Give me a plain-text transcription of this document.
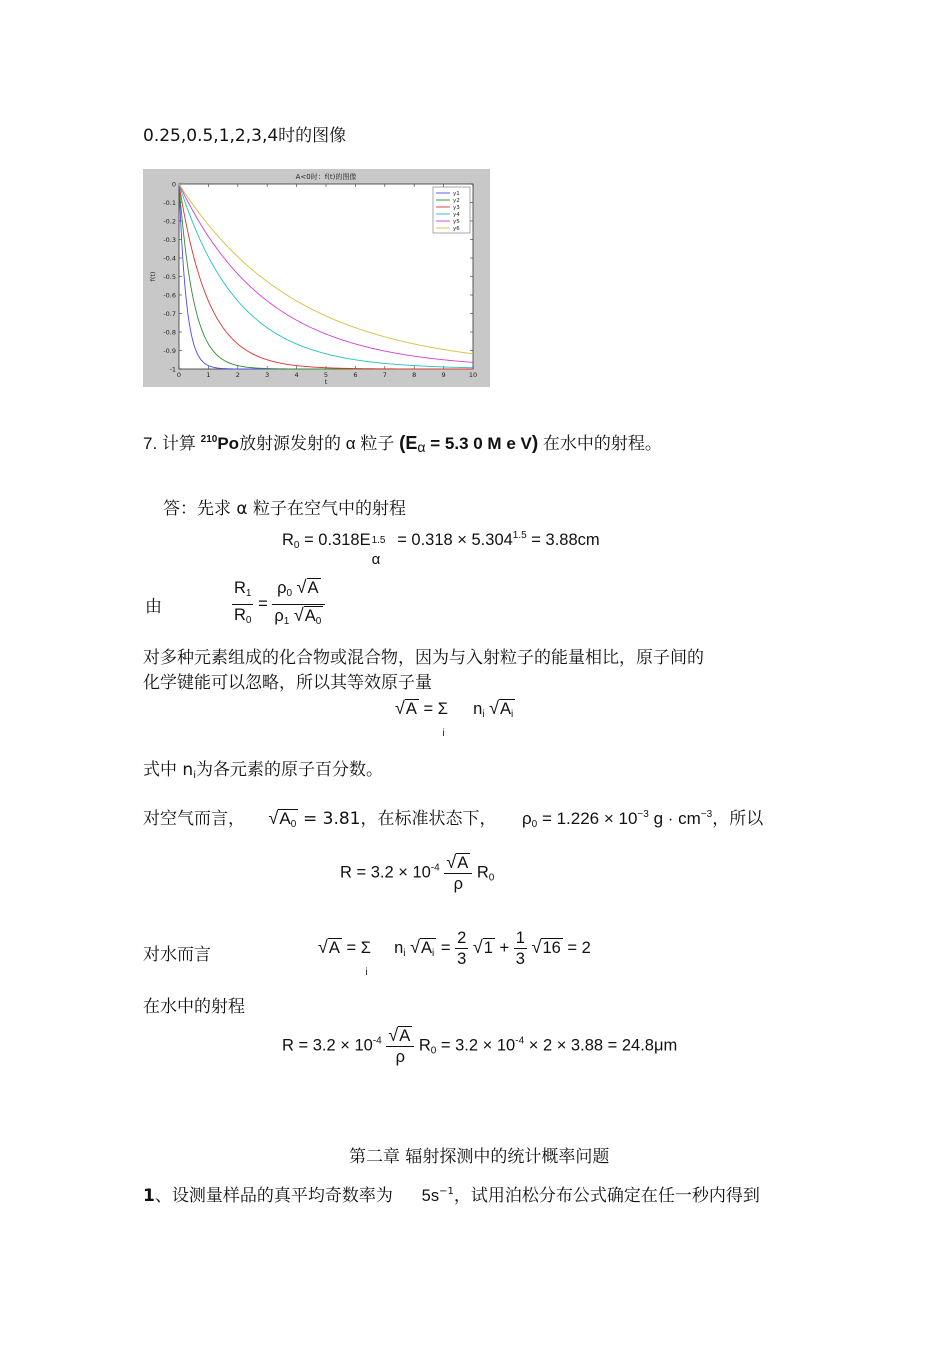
0.25,0.5,1,2,3,4时的图像
A<0时：f(t)的图像
0	1	2	3	4	5	6	7	8	9	10
0
-0.1
-0.2
-0.3
-0.4
-0.5
-0.6
-0.7
-0.8
-0.9
-1
t
f(t)
y1
y2
y3
y4
y5
y6
7. 计算 $^{210}$Po放射源发射的 α 粒子 ($E_\alpha = 5.3$ 0 M e V) 在水中的射程。
答：先求 α 粒子在空气中的射程
$R_0 = 0.318E$ 1.5
α
= $0.318 \times 5.304^{1.5} = 3.88cm$
由	$\frac{R_1}{R_0} = \frac{\rho_0 √A}{\rho_1 √A_0}$
对多种元素组成的化合物或混合物，因为与入射粒子的能量相比，原子间的
化学键能可以忽略，所以其等效原子量
√A = Σ
i
$n_i$ $√A_i$
式中 $n_i$为各元素的原子百分数。
对空气而言， $√A_0 = 3.81$，在标准状态下， $\rho_0 = 1.226 \times 10^{-3}$ $g \cdot cm^{-3}$，所以
$R = 3.2 \times 10^{-4} \frac{√A}{\rho} R_0$
对水而言	√A = Σ
i
$n_i$ $√A_i = \frac{2}{3} √1 + \frac{1}{3} √16 = 2$
在水中的射程
$R = 3.2 \times 10^{-4} \frac{√A}{\rho} R_0 = 3.2 \times 10^{-4} \times 2 \times 3.88 = 24.8\mu m$
第二章 辐射探测中的统计概率问题
1、设测量样品的真平均奇数率为 $5s^{-1}$，试用泊松分布公式确定在任一秒内得到
